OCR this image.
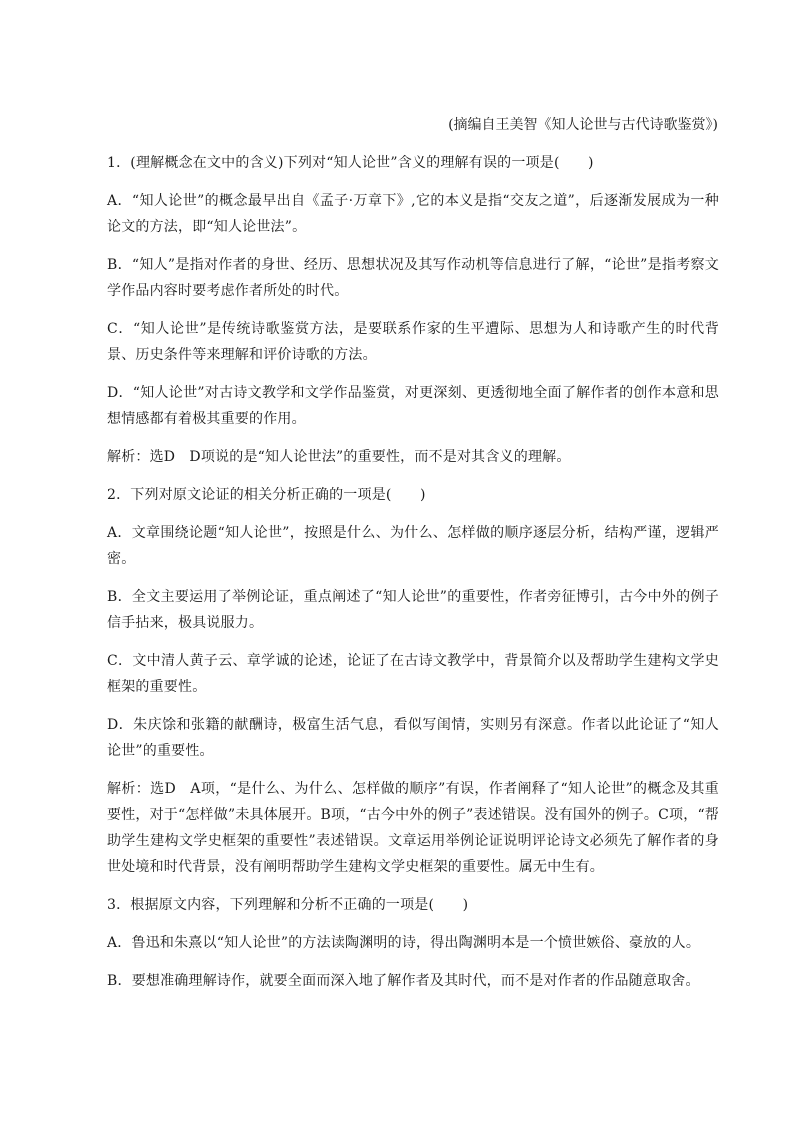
(摘编自王美智《知人论世与古代诗歌鉴赏》)

1．(理解概念在文中的含义)下列对“知人论世”含义的理解有误的一项是(　　)

A．“知人论世”的概念最早出自《孟子·万章下》,它的本义是指“交友之道”，后逐渐发展成为一种论文的方法，即“知人论世法”。

B．“知人”是指对作者的身世、经历、思想状况及其写作动机等信息进行了解，“论世”是指考察文学作品内容时要考虑作者所处的时代。

C．“知人论世”是传统诗歌鉴赏方法，是要联系作家的生平遭际、思想为人和诗歌产生的时代背景、历史条件等来理解和评价诗歌的方法。

D．“知人论世”对古诗文教学和文学作品鉴赏，对更深刻、更透彻地全面了解作者的创作本意和思想情感都有着极其重要的作用。

解析：选D　D项说的是“知人论世法”的重要性，而不是对其含义的理解。

2．下列对原文论证的相关分析正确的一项是(　　)

A．文章围绕论题“知人论世”，按照是什么、为什么、怎样做的顺序逐层分析，结构严谨，逻辑严密。

B．全文主要运用了举例论证，重点阐述了“知人论世”的重要性，作者旁征博引，古今中外的例子信手拈来，极具说服力。

C．文中清人黄子云、章学诚的论述，论证了在古诗文教学中，背景简介以及帮助学生建构文学史框架的重要性。

D．朱庆馀和张籍的献酬诗，极富生活气息，看似写闺情，实则另有深意。作者以此论证了“知人论世”的重要性。

解析：选D　A项，“是什么、为什么、怎样做的顺序”有误，作者阐释了“知人论世”的概念及其重要性，对于“怎样做”未具体展开。B项，“古今中外的例子”表述错误。没有国外的例子。C项，“帮助学生建构文学史框架的重要性”表述错误。文章运用举例论证说明评论诗文必须先了解作者的身世处境和时代背景，没有阐明帮助学生建构文学史框架的重要性。属无中生有。

3．根据原文内容，下列理解和分析不正确的一项是(　　)

A．鲁迅和朱熹以“知人论世”的方法读陶渊明的诗，得出陶渊明本是一个愤世嫉俗、豪放的人。

B．要想准确理解诗作，就要全面而深入地了解作者及其时代，而不是对作者的作品随意取舍。
